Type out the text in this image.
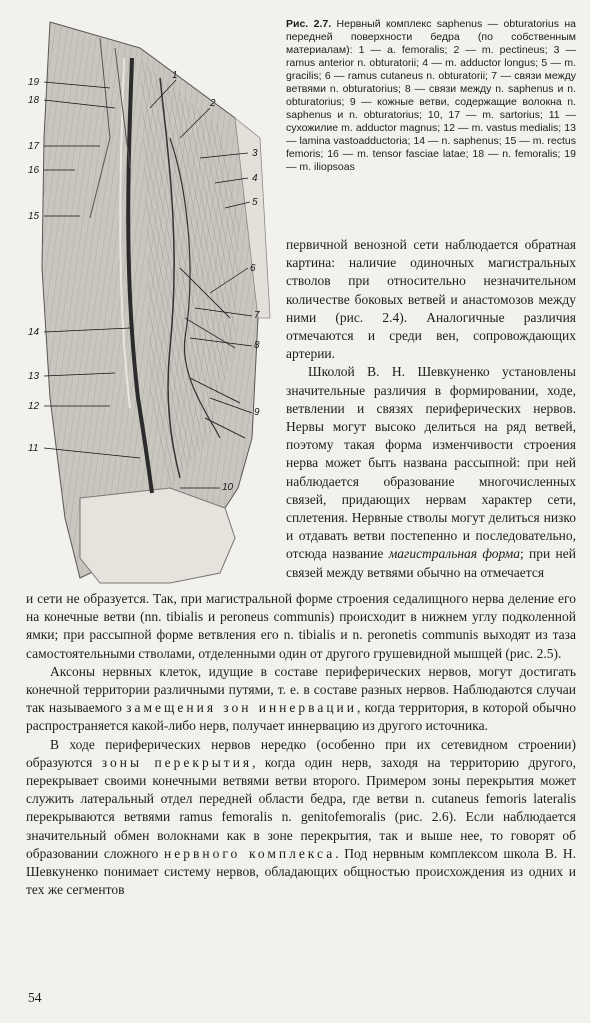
1
2
3
4
5
6
7
8
9
10
11
12
13
14
15
16
17
18
19
Рис. 2.7. Нервный комплекс saphenus — obturatorius на передней поверхности бедра (по собственным материалам): 1 — a. femoralis; 2 — m. pectineus; 3 — ramus anterior n. obturatorii; 4 — m. adductor longus; 5 — m. gracilis; 6 — ramus cutaneus n. obturatorii; 7 — связи между ветвями n. obturatorius; 8 — связи между n. saphenus и n. obturatorius; 9 — кожные ветви, содержащие волокна n. saphenus и n. obturatorius; 10, 17 — m. sartorius; 11 — сухожилие m. adductor magnus; 12 — m. vastus medialis; 13 — lamina vastoadductoria; 14 — n. saphenus; 15 — m. rectus femoris; 16 — m. tensor fasciae latae; 18 — n. femoralis; 19 — m. iliopsoas

первичной венозной сети наблюдается обратная картина: наличие одиночных магистральных стволов при относительно незначительном количестве боковых ветвей и анастомозов между ними (рис. 2.4). Аналогичные различия отмечаются и среди вен, сопровождающих артерии.

Школой В. Н. Шевкуненко установлены значительные различия в формировании, ходе, ветвлении и связях периферических нервов. Нервы могут высоко делиться на ряд ветвей, поэтому такая форма изменчивости строения нерва может быть названа рассыпной: при ней наблюдается образование многочисленных связей, придающих нервам характер сети, сплетения. Нервные стволы могут делиться низко и отдавать ветви постепенно и последовательно, отсюда название магистральная форма; при ней связей между ветвями обычно на отмечается

и сети не образуется. Так, при магистральной форме строения седалищного нерва деление его на конечные ветви (nn. tibialis и peroneus communis) происходит в нижнем углу подколенной ямки; при рассыпной форме ветвления его n. tibialis и n. peronetis communis выходят из таза самостоятельными стволами, отделенными один от другого грушевидной мышцей (рис. 2.5).

Аксоны нервных клеток, идущие в составе периферических нервов, могут достигать конечной территории различными путями, т. е. в составе разных нервов. Наблюдаются случаи так называемого замещения зон иннервации, когда территория, в которой обычно распространяется какой-либо нерв, получает иннервацию из другого источника.

В ходе периферических нервов нередко (особенно при их сетевидном строении) образуются зоны перекрытия, когда один нерв, заходя на территорию другого, перекрывает своими конечными ветвями ветви второго. Примером зоны перекрытия может служить латеральный отдел передней области бедра, где ветви n. cutaneus femoris lateralis перекрываются ветвями ramus femoralis n. genitofemoralis (рис. 2.6). Если наблюдается значительный обмен волокнами как в зоне перекрытия, так и выше нее, то говорят об образовании сложного нервного комплекса. Под нервным комплексом школа В. Н. Шевкуненко понимает систему нервов, обладающих общностью происхождения из одних и тех же сегментов

54
